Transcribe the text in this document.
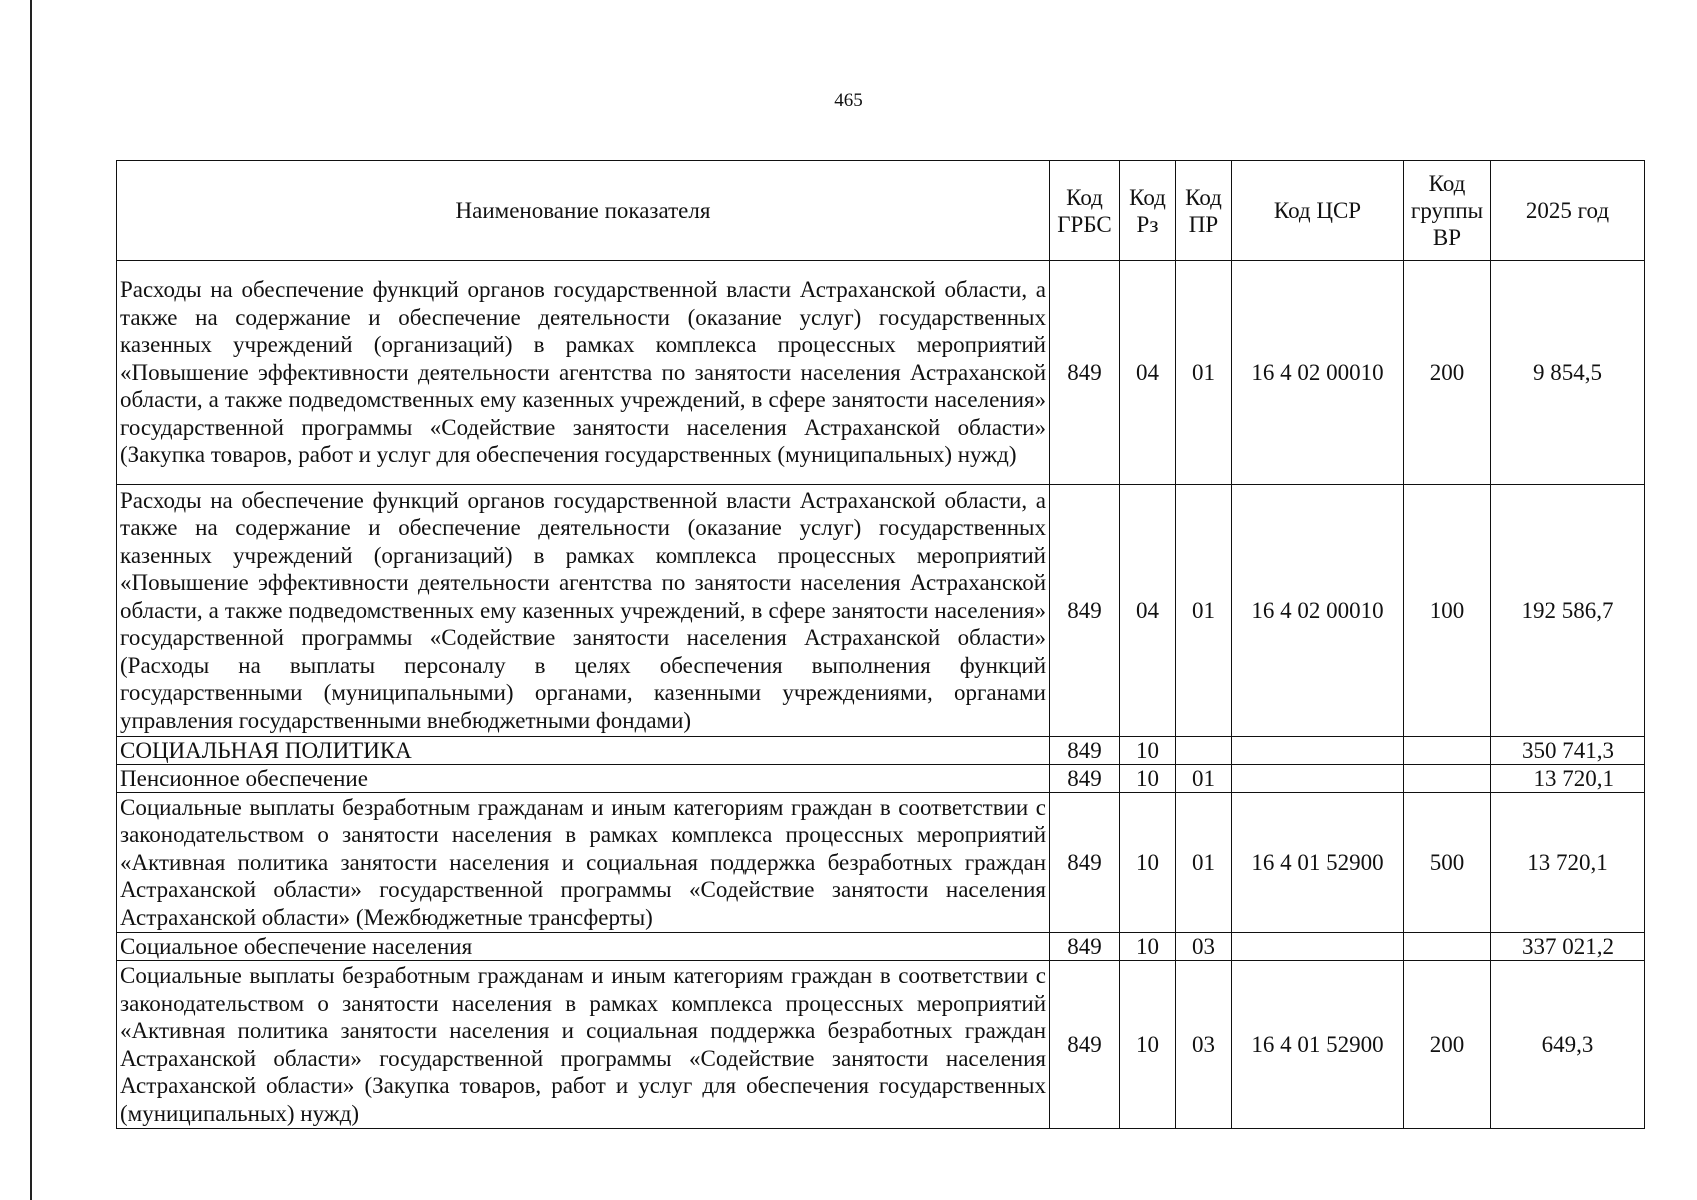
465
Наименование показателя	Код ГРБС	Код Рз	Код ПР	Код ЦСР	Код группы ВР	2025 год
Расходы на обеспечение функций органов государственной власти Астраханской области, а также на содержание и обеспечение деятельности (оказание услуг) государственных казенных учреждений (организаций) в рамках комплекса процессных мероприятий «Повышение эффективности деятельности агентства по занятости населения Астраханской области, а также подведомственных ему казенных учреждений, в сфере занятости населения» государственной программы «Содействие занятости населения Астраханской области» (Закупка товаров, работ и услуг для обеспечения государственных (муниципальных) нужд)	849	04	01	16 4 02 00010	200	9 854,5
Расходы на обеспечение функций органов государственной власти Астраханской области, а также на содержание и обеспечение деятельности (оказание услуг) государственных казенных учреждений (организаций) в рамках комплекса процессных мероприятий «Повышение эффективности деятельности агентства по занятости населения Астраханской области, а также подведомственных ему казенных учреждений, в сфере занятости населения» государственной программы «Содействие занятости населения Астраханской области» (Расходы на выплаты персоналу в целях обеспечения выполнения функций государственными (муниципальными) органами, казенными учреждениями, органами управления государственными внебюджетными фондами)	849	04	01	16 4 02 00010	100	192 586,7
СОЦИАЛЬНАЯ ПОЛИТИКА	849	10				350 741,3
Пенсионное обеспечение	849	10	01			13 720,1
Социальные выплаты безработным гражданам и иным категориям граждан в соответствии с законодательством о занятости населения в рамках комплекса процессных мероприятий «Активная политика занятости населения и социальная поддержка безработных граждан Астраханской области» государственной программы «Содействие занятости населения Астраханской области» (Межбюджетные трансферты)	849	10	01	16 4 01 52900	500	13 720,1
Социальное обеспечение населения	849	10	03			337 021,2
Социальные выплаты безработным гражданам и иным категориям граждан в соответствии с законодательством о занятости населения в рамках комплекса процессных мероприятий «Активная политика занятости населения и социальная поддержка безработных граждан Астраханской области» государственной программы «Содействие занятости населения Астраханской области» (Закупка товаров, работ и услуг для обеспечения государственных (муниципальных) нужд)	849	10	03	16 4 01 52900	200	649,3
